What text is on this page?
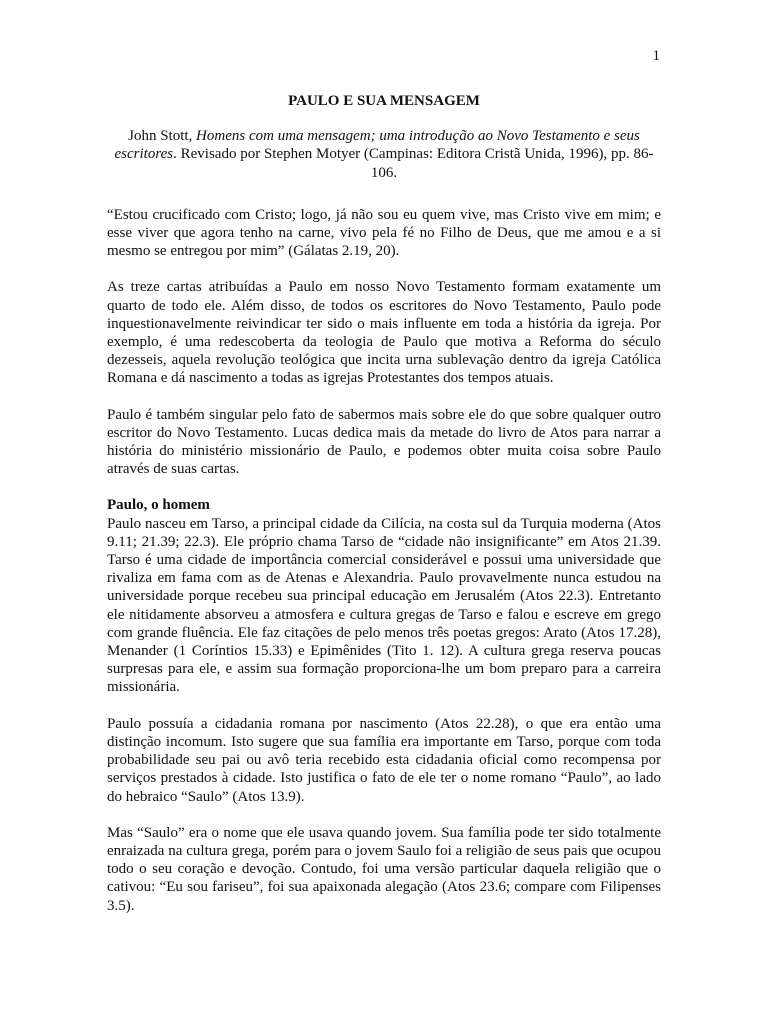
1
PAULO E SUA MENSAGEM
John Stott, Homens com uma mensagem; uma introdução ao Novo Testamento e seus escritores. Revisado por Stephen Motyer (Campinas: Editora Cristã Unida, 1996), pp. 86-106.

“Estou crucificado com Cristo; logo, já não sou eu quem vive, mas Cristo vive em mim; e esse viver que agora tenho na carne, vivo pela fé no Filho de Deus, que me amou e a si mesmo se entregou por mim” (Gálatas 2.19, 20).

As treze cartas atribuídas a Paulo em nosso Novo Testamento formam exatamente um quarto de todo ele. Além disso, de todos os escritores do Novo Testamento, Paulo pode inquestionavelmente reivindicar ter sido o mais influente em toda a história da igreja. Por exemplo, é uma redescoberta da teologia de Paulo que motiva a Reforma do século dezesseis, aquela revolução teológica que incita urna sublevação dentro da igreja Católica Romana e dá nascimento a todas as igrejas Protestantes dos tempos atuais.

Paulo é também singular pelo fato de sabermos mais sobre ele do que sobre qualquer outro escritor do Novo Testamento. Lucas dedica mais da metade do livro de Atos para narrar a história do ministério missionário de Paulo, e podemos obter muita coisa sobre Paulo através de suas cartas.

Paulo, o homem

Paulo nasceu em Tarso, a principal cidade da Cilícia, na costa sul da Turquia moderna (Atos 9.11; 21.39; 22.3). Ele próprio chama Tarso de “cidade não insignificante” em Atos 21.39. Tarso é uma cidade de importância comercial considerável e possui uma universidade que rivaliza em fama com as de Atenas e Alexandria. Paulo provavelmente nunca estudou na universidade porque recebeu sua principal educação em Jerusalém (Atos 22.3). Entretanto ele nitidamente absorveu a atmosfera e cultura gregas de Tarso e falou e escreve em grego com grande fluência. Ele faz citações de pelo menos três poetas gregos: Arato (Atos 17.28), Menander (1 Coríntios 15.33) e Epimênides (Tito 1. 12). A cultura grega reserva poucas surpresas para ele, e assim sua formação proporciona-lhe um bom preparo para a carreira missionária.

Paulo possuía a cidadania romana por nascimento (Atos 22.28), o que era então uma distinção incomum. Isto sugere que sua família era importante em Tarso, porque com toda probabilidade seu pai ou avô teria recebido esta cidadania oficial como recompensa por serviços prestados à cidade. Isto justifica o fato de ele ter o nome romano “Paulo”, ao lado do hebraico “Saulo” (Atos 13.9).

Mas “Saulo” era o nome que ele usava quando jovem. Sua família pode ter sido totalmente enraizada na cultura grega, porém para o jovem Saulo foi a religião de seus pais que ocupou todo o seu coração e devoção. Contudo, foi uma versão particular daquela religião que o cativou: “Eu sou fariseu”, foi sua apaixonada alegação (Atos 23.6; compare com Filipenses 3.5).
